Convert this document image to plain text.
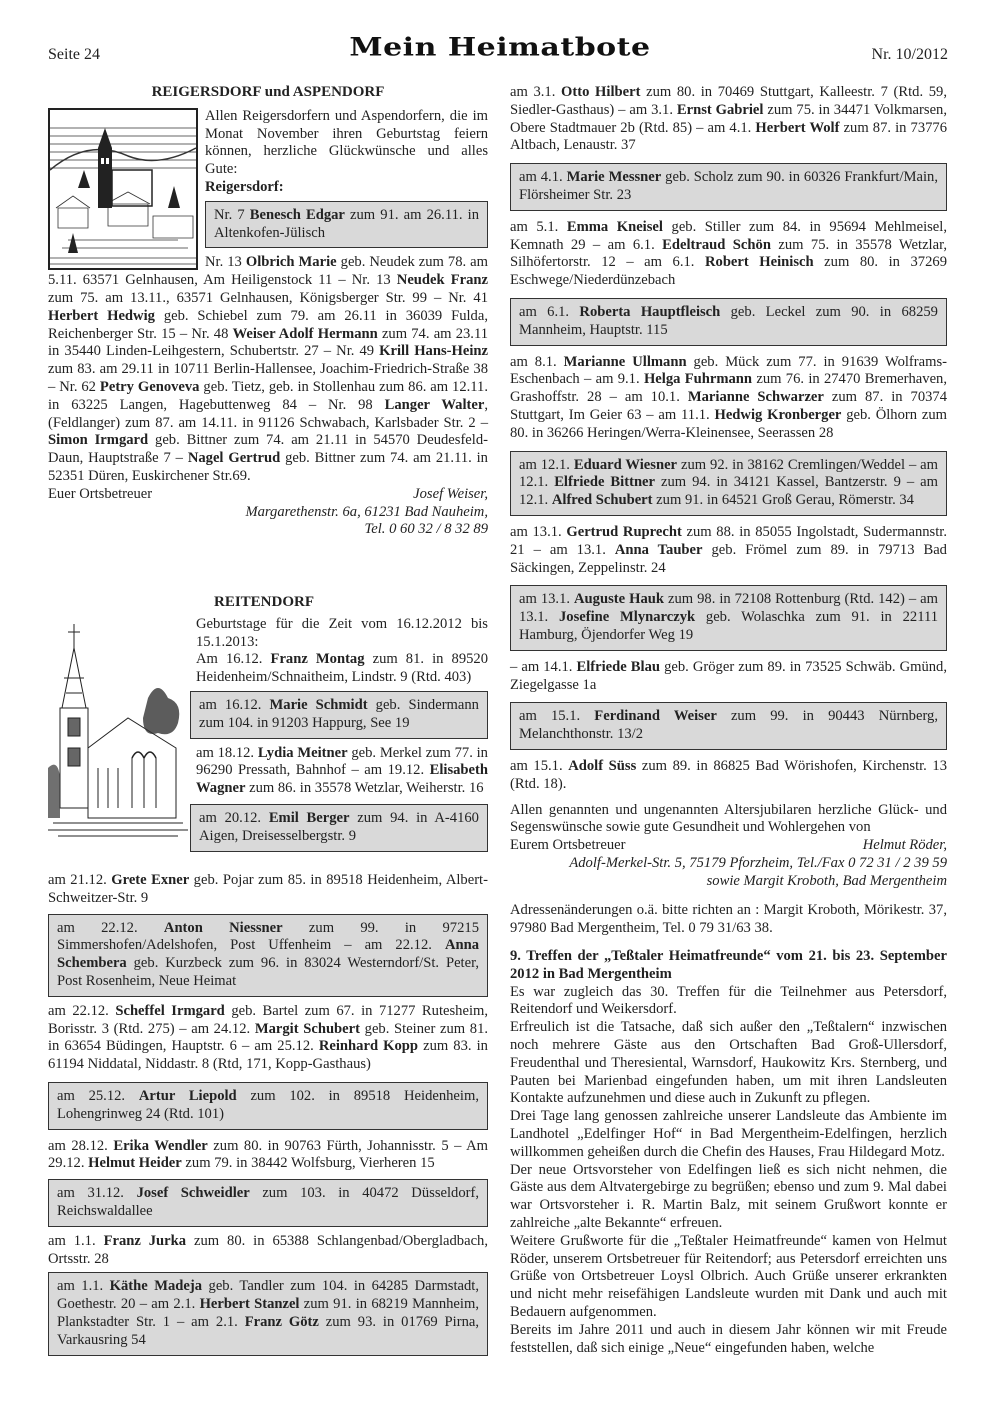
Seite 24	Mein Heimatbote	Nr. 10/2012

REIGERSDORF und ASPENDORF

Allen Reigersdorfern und Aspendorfern, die im Monat November ihren Geburtstag feiern können, herzliche Glückwünsche und alles Gute:

Reigersdorf:

Nr. 7 Benesch Edgar zum 91. am 26.11. in Altenkofen-Jülisch

Nr. 13 Olbrich Marie geb. Neudek zum 78. am 5.11. 63571 Gelnhausen, Am Heiligenstock 11 – Nr. 13 Neudek Franz zum 75. am 13.11., 63571 Gelnhausen, Königsberger Str. 99 – Nr. 41 Herbert Hedwig geb. Schiebel zum 79. am 26.11 in 36039 Fulda, Reichenberger Str. 15 – Nr. 48 Weiser Adolf Hermann zum 74. am 23.11 in 35440 Linden-Leihgestern, Schubertstr. 27 – Nr. 49 Krill Hans-Heinz zum 83. am 29.11 in 10711 Berlin-Hallensee, Joachim-Friedrich-Straße 38 – Nr. 62 Petry Genoveva geb. Tietz, geb. in Stollenhau zum 86. am 12.11. in 63225 Langen, Hagebuttenweg 84 – Nr. 98 Langer Walter, (Feldlanger) zum 87. am 14.11. in 91126 Schwabach, Karlsbader Str. 2 – Simon Irmgard geb. Bittner zum 74. am 21.11 in 54570 Deudesfeld-Daun, Hauptstraße 7 – Nagel Gertrud geb. Bittner zum 74. am 21.11. in 52351 Düren, Euskirchener Str.69.

Euer Ortsbetreuer	Josef Weiser,

Margarethenstr. 6a, 61231 Bad Nauheim,

Tel. 0 60 32 / 8 32 89

REITENDORF

Geburtstage für die Zeit vom 16.12.2012 bis 15.1.2013:

Am 16.12. Franz Montag zum 81. in 89520 Heidenheim/Schnaitheim, Lindstr. 9 (Rtd. 403)

am 16.12. Marie Schmidt geb. Sindermann zum 104. in 91203 Happurg, See 19

am 18.12. Lydia Meitner geb. Merkel zum 77. in 96290 Pressath, Bahnhof – am 19.12. Elisabeth Wagner zum 86. in 35578 Wetzlar, Weiherstr. 16

am 20.12. Emil Berger zum 94. in A-4160 Aigen, Dreisesselbergstr. 9

am 21.12. Grete Exner geb. Pojar zum 85. in 89518 Heidenheim, Albert-Schweitzer-Str. 9

am 22.12. Anton Niessner zum 99. in 97215 Simmershofen/Adelshofen, Post Uffenheim – am 22.12. Anna Schembera geb. Kurzbeck zum 96. in 83024 Westerndorf/St. Peter, Post Rosenheim, Neue Heimat

am 22.12. Scheffel Irmgard geb. Bartel zum 67. in 71277 Rutesheim, Borisstr. 3 (Rtd. 275) – am 24.12. Margit Schubert geb. Steiner zum 81. in 63654 Büdingen, Hauptstr. 6 – am 25.12. Reinhard Kopp zum 83. in 61194 Niddatal, Niddastr. 8 (Rtd, 171, Kopp-Gasthaus)

am 25.12. Artur Liepold zum 102. in 89518 Heidenheim, Lohengrinweg 24 (Rtd. 101)

am 28.12. Erika Wendler zum 80. in 90763 Fürth, Johannisstr. 5 – Am 29.12. Helmut Heider zum 79. in 38442 Wolfsburg, Vierheren 15

am 31.12. Josef Schweidler zum 103. in 40472 Düsseldorf, Reichswaldallee

am 1.1. Franz Jurka zum 80. in 65388 Schlangenbad/Obergladbach, Ortsstr. 28

am 1.1. Käthe Madeja geb. Tandler zum 104. in 64285 Darmstadt, Goethestr. 20 – am 2.1. Herbert Stanzel zum 91. in 68219 Mannheim, Plankstadter Str. 1 – am 2.1. Franz Götz zum 93. in 01769 Pirna, Varkausring 54

am 3.1. Otto Hilbert zum 80. in 70469 Stuttgart, Kalleestr. 7 (Rtd. 59, Siedler-Gasthaus) – am 3.1. Ernst Gabriel zum 75. in 34471 Volkmarsen, Obere Stadtmauer 2b (Rtd. 85) – am 4.1. Herbert Wolf zum 87. in 73776 Altbach, Lenaustr. 37

am 4.1. Marie Messner geb. Scholz zum 90. in 60326 Frankfurt/Main, Flörsheimer Str. 23

am 5.1. Emma Kneisel geb. Stiller zum 84. in 95694 Mehlmeisel, Kemnath 29 – am 6.1. Edeltraud Schön zum 75. in 35578 Wetzlar, Silhöfertorstr. 12 – am 6.1. Robert Heinisch zum 80. in 37269 Eschwege/Niederdünzebach

am 6.1. Roberta Hauptfleisch geb. Leckel zum 90. in 68259 Mannheim, Hauptstr. 115

am 8.1. Marianne Ullmann geb. Mück zum 77. in 91639 Wolframs-Eschenbach – am 9.1. Helga Fuhrmann zum 76. in 27470 Bremerhaven, Grashoffstr. 28 – am 10.1. Marianne Schwarzer zum 87. in 70374 Stuttgart, Im Geier 63 – am 11.1. Hedwig Kronberger geb. Ölhorn zum 80. in 36266 Heringen/Werra-Kleinensee, Seerassen 28

am 12.1. Eduard Wiesner zum 92. in 38162 Cremlingen/Weddel – am 12.1. Elfriede Bittner zum 94. in 34121 Kassel, Bantzerstr. 9 – am 12.1. Alfred Schubert zum 91. in 64521 Groß Gerau, Römerstr. 34

am 13.1. Gertrud Ruprecht zum 88. in 85055 Ingolstadt, Sudermannstr. 21 – am 13.1. Anna Tauber geb. Frömel zum 89. in 79713 Bad Säckingen, Zeppelinstr. 24

am 13.1. Auguste Hauk zum 98. in 72108 Rottenburg (Rtd. 142) – am 13.1. Josefine Mlynarczyk geb. Wolaschka zum 91. in 22111 Hamburg, Öjendorfer Weg 19

– am 14.1. Elfriede Blau geb. Gröger zum 89. in 73525 Schwäb. Gmünd, Ziegelgasse 1a

am 15.1. Ferdinand Weiser zum 99. in 90443 Nürnberg, Melanchthonstr. 13/2

am 15.1. Adolf Süss zum 89. in 86825 Bad Wörishofen, Kirchenstr. 13 (Rtd. 18).

Allen genannten und ungenannten Altersjubilaren herzliche Glück- und Segenswünsche sowie gute Gesundheit und Wohlergehen von

Eurem Ortsbetreuer	Helmut Röder,

Adolf-Merkel-Str. 5, 75179 Pforzheim, Tel./Fax 0 72 31 / 2 39 59

sowie Margit Kroboth, Bad Mergentheim

Adressenänderungen o.ä. bitte richten an : Margit Kroboth, Mörikestr. 37, 97980 Bad Mergentheim, Tel. 0 79 31/63 38.

9. Treffen der „Teßtaler Heimatfreunde“ vom 21. bis 23. September 2012 in Bad Mergentheim

Es war zugleich das 30. Treffen für die Teilnehmer aus Petersdorf, Reitendorf und Weikersdorf.

Erfreulich ist die Tatsache, daß sich außer den „Teßtalern“ inzwischen noch mehrere Gäste aus den Ortschaften Bad Groß-Ullersdorf, Freudenthal und Theresiental, Warnsdorf, Haukowitz Krs. Sternberg, und Pauten bei Marienbad eingefunden haben, um mit ihren Landsleuten Kontakte aufzunehmen und diese auch in Zukunft zu pflegen.

Drei Tage lang genossen zahlreiche unserer Landsleute das Ambiente im Landhotel „Edelfinger Hof“ in Bad Mergentheim-Edelfingen, herzlich willkommen geheißen durch die Chefin des Hauses, Frau Hildegard Motz.

Der neue Ortsvorsteher von Edelfingen ließ es sich nicht nehmen, die Gäste aus dem Altvatergebirge zu begrüßen; ebenso und zum 9. Mal dabei war Ortsvorsteher i. R. Martin Balz, mit seinem Grußwort konnte er zahlreiche „alte Bekannte“ erfreuen.

Weitere Grußworte für die „Teßtaler Heimatfreunde“ kamen von Helmut Röder, unserem Ortsbetreuer für Reitendorf; aus Petersdorf erreichten uns Grüße von Ortsbetreuer Loysl Olbrich. Auch Grüße unserer erkrankten und nicht mehr reisefähigen Landsleute wurden mit Dank und auch mit Bedauern aufgenommen.

Bereits im Jahre 2011 und auch in diesem Jahr können wir mit Freude feststellen, daß sich einige „Neue“ eingefunden haben, welche
